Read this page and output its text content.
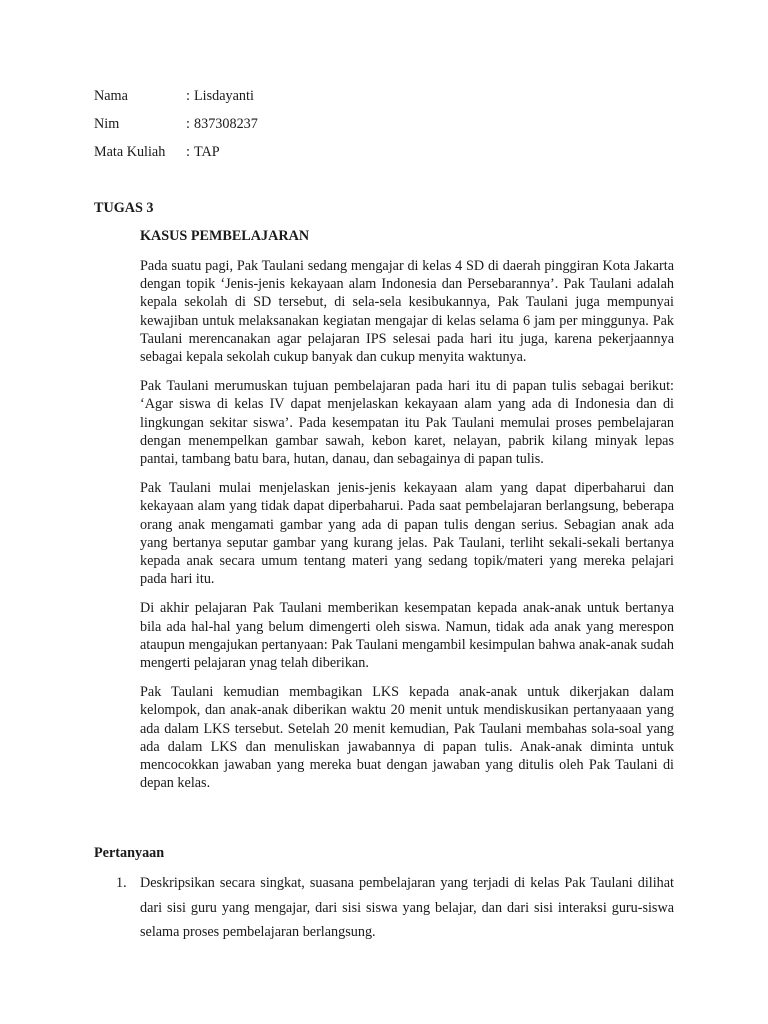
Nama	: Lisdayanti
Nim	: 837308237
Mata Kuliah : TAP
TUGAS 3
KASUS PEMBELAJARAN

Pada suatu pagi, Pak Taulani sedang mengajar di kelas 4 SD di daerah pinggiran Kota Jakarta dengan topik ‘Jenis-jenis kekayaan alam Indonesia dan Persebarannya’. Pak Taulani adalah kepala sekolah di SD tersebut, di sela-sela kesibukannya, Pak Taulani juga mempunyai kewajiban untuk melaksanakan kegiatan mengajar di kelas selama 6 jam per minggunya. Pak Taulani merencanakan agar pelajaran IPS selesai pada hari itu juga, karena pekerjaannya sebagai kepala sekolah cukup banyak dan cukup menyita waktunya.

Pak Taulani merumuskan tujuan pembelajaran pada hari itu di papan tulis sebagai berikut: ‘Agar siswa di kelas IV dapat menjelaskan kekayaan alam yang ada di Indonesia dan di lingkungan sekitar siswa’. Pada kesempatan itu Pak Taulani memulai proses pembelajaran dengan menempelkan gambar sawah, kebon karet, nelayan, pabrik kilang minyak lepas pantai, tambang batu bara, hutan, danau, dan sebagainya di papan tulis.

Pak Taulani mulai menjelaskan jenis-jenis kekayaan alam yang dapat diperbaharui dan kekayaan alam yang tidak dapat diperbaharui. Pada saat pembelajaran berlangsung, beberapa orang anak mengamati gambar yang ada di papan tulis dengan serius. Sebagian anak ada yang bertanya seputar gambar yang kurang jelas. Pak Taulani, terliht sekali-sekali bertanya kepada anak secara umum tentang materi yang sedang topik/materi yang mereka pelajari pada hari itu.

Di akhir pelajaran Pak Taulani memberikan kesempatan kepada anak-anak untuk bertanya bila ada hal-hal yang belum dimengerti oleh siswa. Namun, tidak ada anak yang merespon ataupun mengajukan pertanyaan: Pak Taulani mengambil kesimpulan bahwa anak-anak sudah mengerti pelajaran ynag telah diberikan.

Pak Taulani kemudian membagikan LKS kepada anak-anak untuk dikerjakan dalam kelompok, dan anak-anak diberikan waktu 20 menit untuk mendiskusikan pertanyaaan yang ada dalam LKS tersebut. Setelah 20 menit kemudian, Pak Taulani membahas sola-soal yang ada dalam LKS dan menuliskan jawabannya di papan tulis. Anak-anak diminta untuk mencocokkan jawaban yang mereka buat dengan jawaban yang ditulis oleh Pak Taulani di depan kelas.

Pertanyaan
1. Deskripsikan secara singkat, suasana pembelajaran yang terjadi di kelas Pak Taulani dilihat dari sisi guru yang mengajar, dari sisi siswa yang belajar, dan dari sisi interaksi guru-siswa selama proses pembelajaran berlangsung.
